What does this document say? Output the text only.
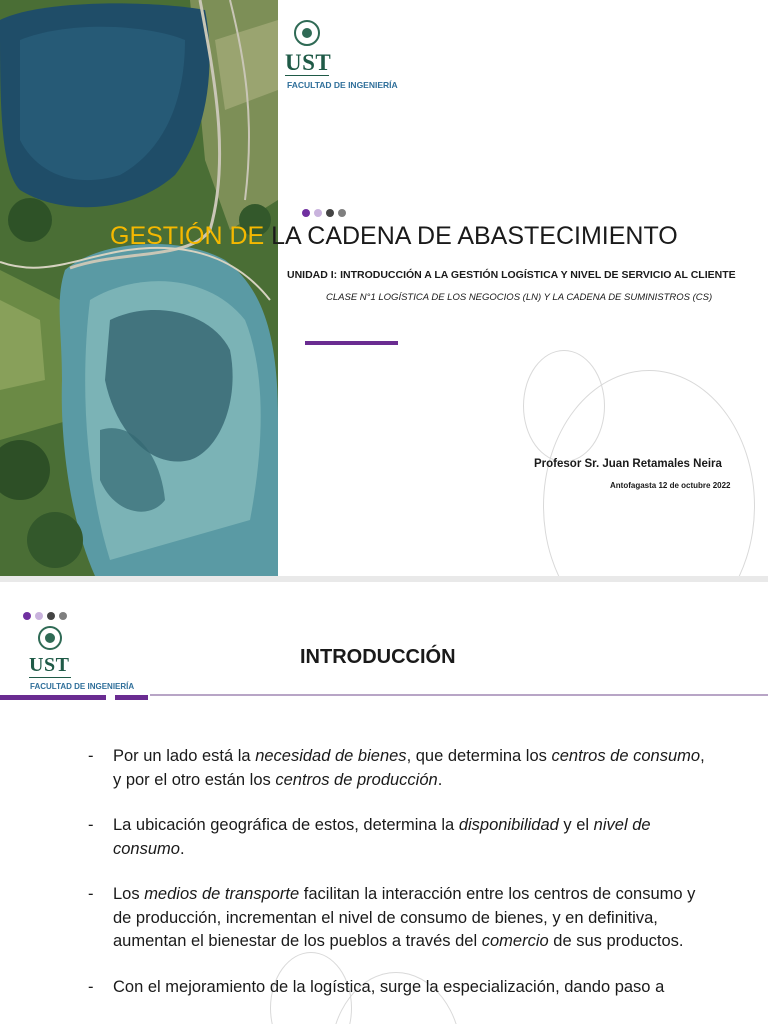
UST
FACULTAD DE INGENIERÍA
GESTIÓN DE LA CADENA DE ABASTECIMIENTO
UNIDAD I: INTRODUCCIÓN A LA GESTIÓN LOGÍSTICA Y NIVEL DE SERVICIO AL CLIENTE
CLASE N°1 LOGÍSTICA DE LOS NEGOCIOS (LN) Y LA CADENA DE SUMINISTROS (CS)
Profesor Sr. Juan Retamales Neira
Antofagasta 12 de octubre 2022
UST
FACULTAD DE INGENIERÍA
INTRODUCCIÓN
- Por un lado está la necesidad de bienes, que determina los centros de consumo, y por el otro están los centros de producción.
- La ubicación geográfica de estos, determina la disponibilidad y el nivel de consumo.
- Los medios de transporte facilitan la interacción entre los centros de consumo y de producción, incrementan el nivel de consumo de bienes, y en definitiva, aumentan el bienestar de los pueblos a través del comercio de sus productos.
- Con el mejoramiento de la logística, surge la especialización, dando paso a
